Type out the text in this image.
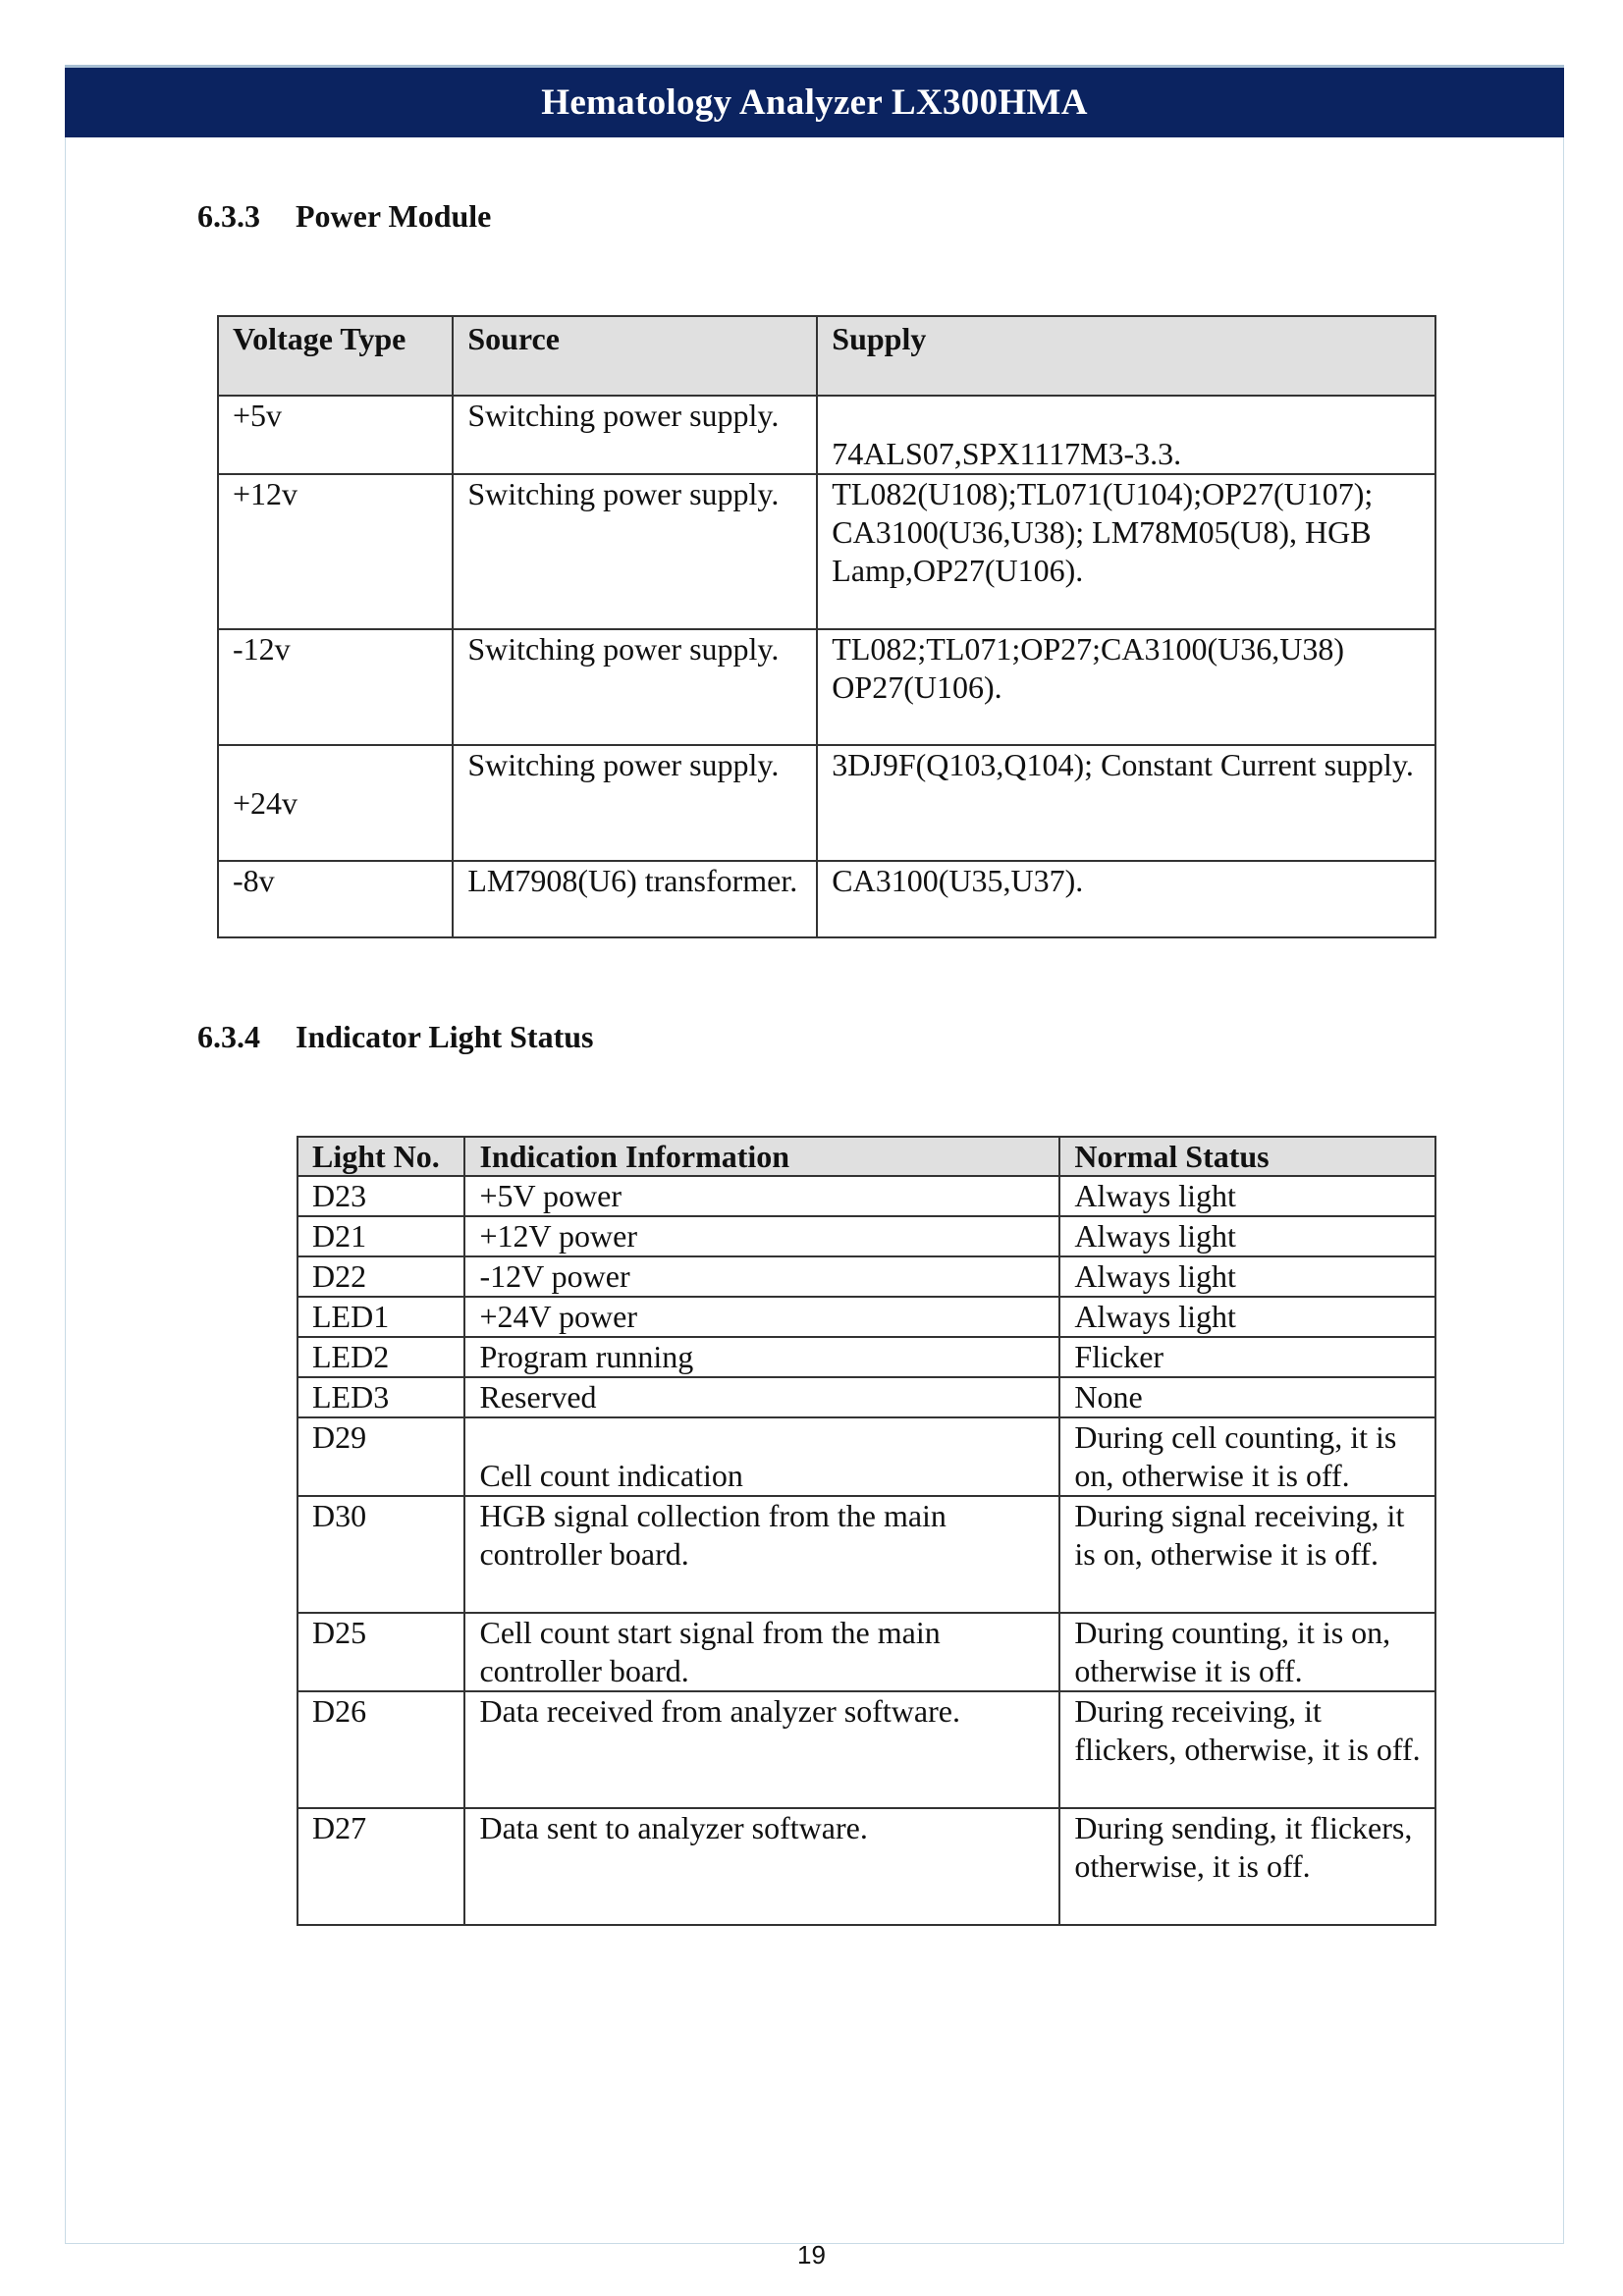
Hematology Analyzer LX300HMA
6.3.3 Power Module
Voltage Type	Source	Supply
+5v	Switching power supply.	74ALS07,SPX1117M3-3.3.
+12v	Switching power supply.	TL082(U108);TL071(U104);OP27(U107); CA3100(U36,U38); LM78M05(U8), HGB Lamp,OP27(U106).
-12v	Switching power supply.	TL082;TL071;OP27;CA3100(U36,U38) OP27(U106).
+24v	Switching power supply.	3DJ9F(Q103,Q104); Constant Current supply.
-8v	LM7908(U6) transformer.	CA3100(U35,U37).
6.3.4 Indicator Light Status
Light No.	Indication Information	Normal Status
D23	+5V power	Always light
D21	+12V power	Always light
D22	-12V power	Always light
LED1	+24V power	Always light
LED2	Program running	Flicker
LED3	Reserved	None
D29	Cell count indication	During cell counting, it is on, otherwise it is off.
D30	HGB signal collection from the main controller board.	During signal receiving, it is on, otherwise it is off.
D25	Cell count start signal from the main controller board.	During counting, it is on, otherwise it is off.
D26	Data received from analyzer software.	During receiving, it flickers, otherwise, it is off.
D27	Data sent to analyzer software.	During sending, it flickers, otherwise, it is off.
19
